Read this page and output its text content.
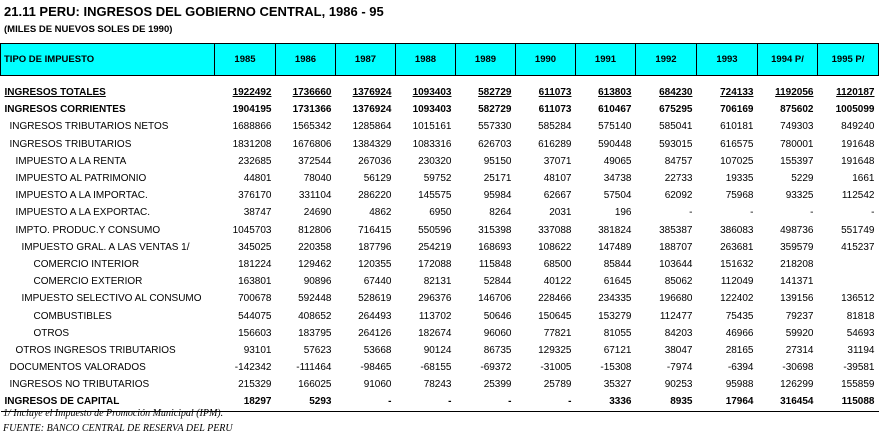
21.11 PERU: INGRESOS DEL GOBIERNO CENTRAL, 1986 - 95
(MILES DE NUEVOS SOLES DE 1990)
TIPO DE IMPUESTO	1985	1986	1987	1988	1989	1990	1991	1992	1993	1994 P/	1995 P/

INGRESOS TOTALES	1922492	1736660	1376924	1093403	582729	611073	613803	684230	724133	1192056	1120187
INGRESOS CORRIENTES	1904195	1731366	1376924	1093403	582729	611073	610467	675295	706169	875602	1005099
INGRESOS TRIBUTARIOS NETOS	1688866	1565342	1285864	1015161	557330	585284	575140	585041	610181	749303	849240
INGRESOS TRIBUTARIOS	1831208	1676806	1384329	1083316	626703	616289	590448	593015	616575	780001	191648
IMPUESTO A LA RENTA	232685	372544	267036	230320	95150	37071	49065	84757	107025	155397	191648
IMPUESTO AL PATRIMONIO	44801	78040	56129	59752	25171	48107	34738	22733	19335	5229	1661
IMPUESTO A LA IMPORTAC.	376170	331104	286220	145575	95984	62667	57504	62092	75968	93325	112542
IMPUESTO A LA EXPORTAC.	38747	24690	4862	6950	8264	2031	196	-	-	-	-
IMPTO. PRODUC.Y CONSUMO	1045703	812806	716415	550596	315398	337088	381824	385387	386083	498736	551749
IMPUESTO GRAL. A LAS VENTAS 1/	345025	220358	187796	254219	168693	108622	147489	188707	263681	359579	415237
COMERCIO INTERIOR	181224	129462	120355	172088	115848	68500	85844	103644	151632	218208	
COMERCIO EXTERIOR	163801	90896	67440	82131	52844	40122	61645	85062	112049	141371	
IMPUESTO SELECTIVO AL CONSUMO	700678	592448	528619	296376	146706	228466	234335	196680	122402	139156	136512
COMBUSTIBLES	544075	408652	264493	113702	50646	150645	153279	112477	75435	79237	81818
OTROS	156603	183795	264126	182674	96060	77821	81055	84203	46966	59920	54693
OTROS INGRESOS TRIBUTARIOS	93101	57623	53668	90124	86735	129325	67121	38047	28165	27314	31194
DOCUMENTOS VALORADOS	-142342	-111464	-98465	-68155	-69372	-31005	-15308	-7974	-6394	-30698	-39581
INGRESOS NO TRIBUTARIOS	215329	166025	91060	78243	25399	25789	35327	90253	95988	126299	155859
INGRESOS DE CAPITAL	18297	5293	-	-	-	-	3336	8935	17964	316454	115088
1/ Incluye el Impuesto de Promoción Municipal (IPM).
FUENTE: BANCO CENTRAL DE RESERVA DEL PERU
